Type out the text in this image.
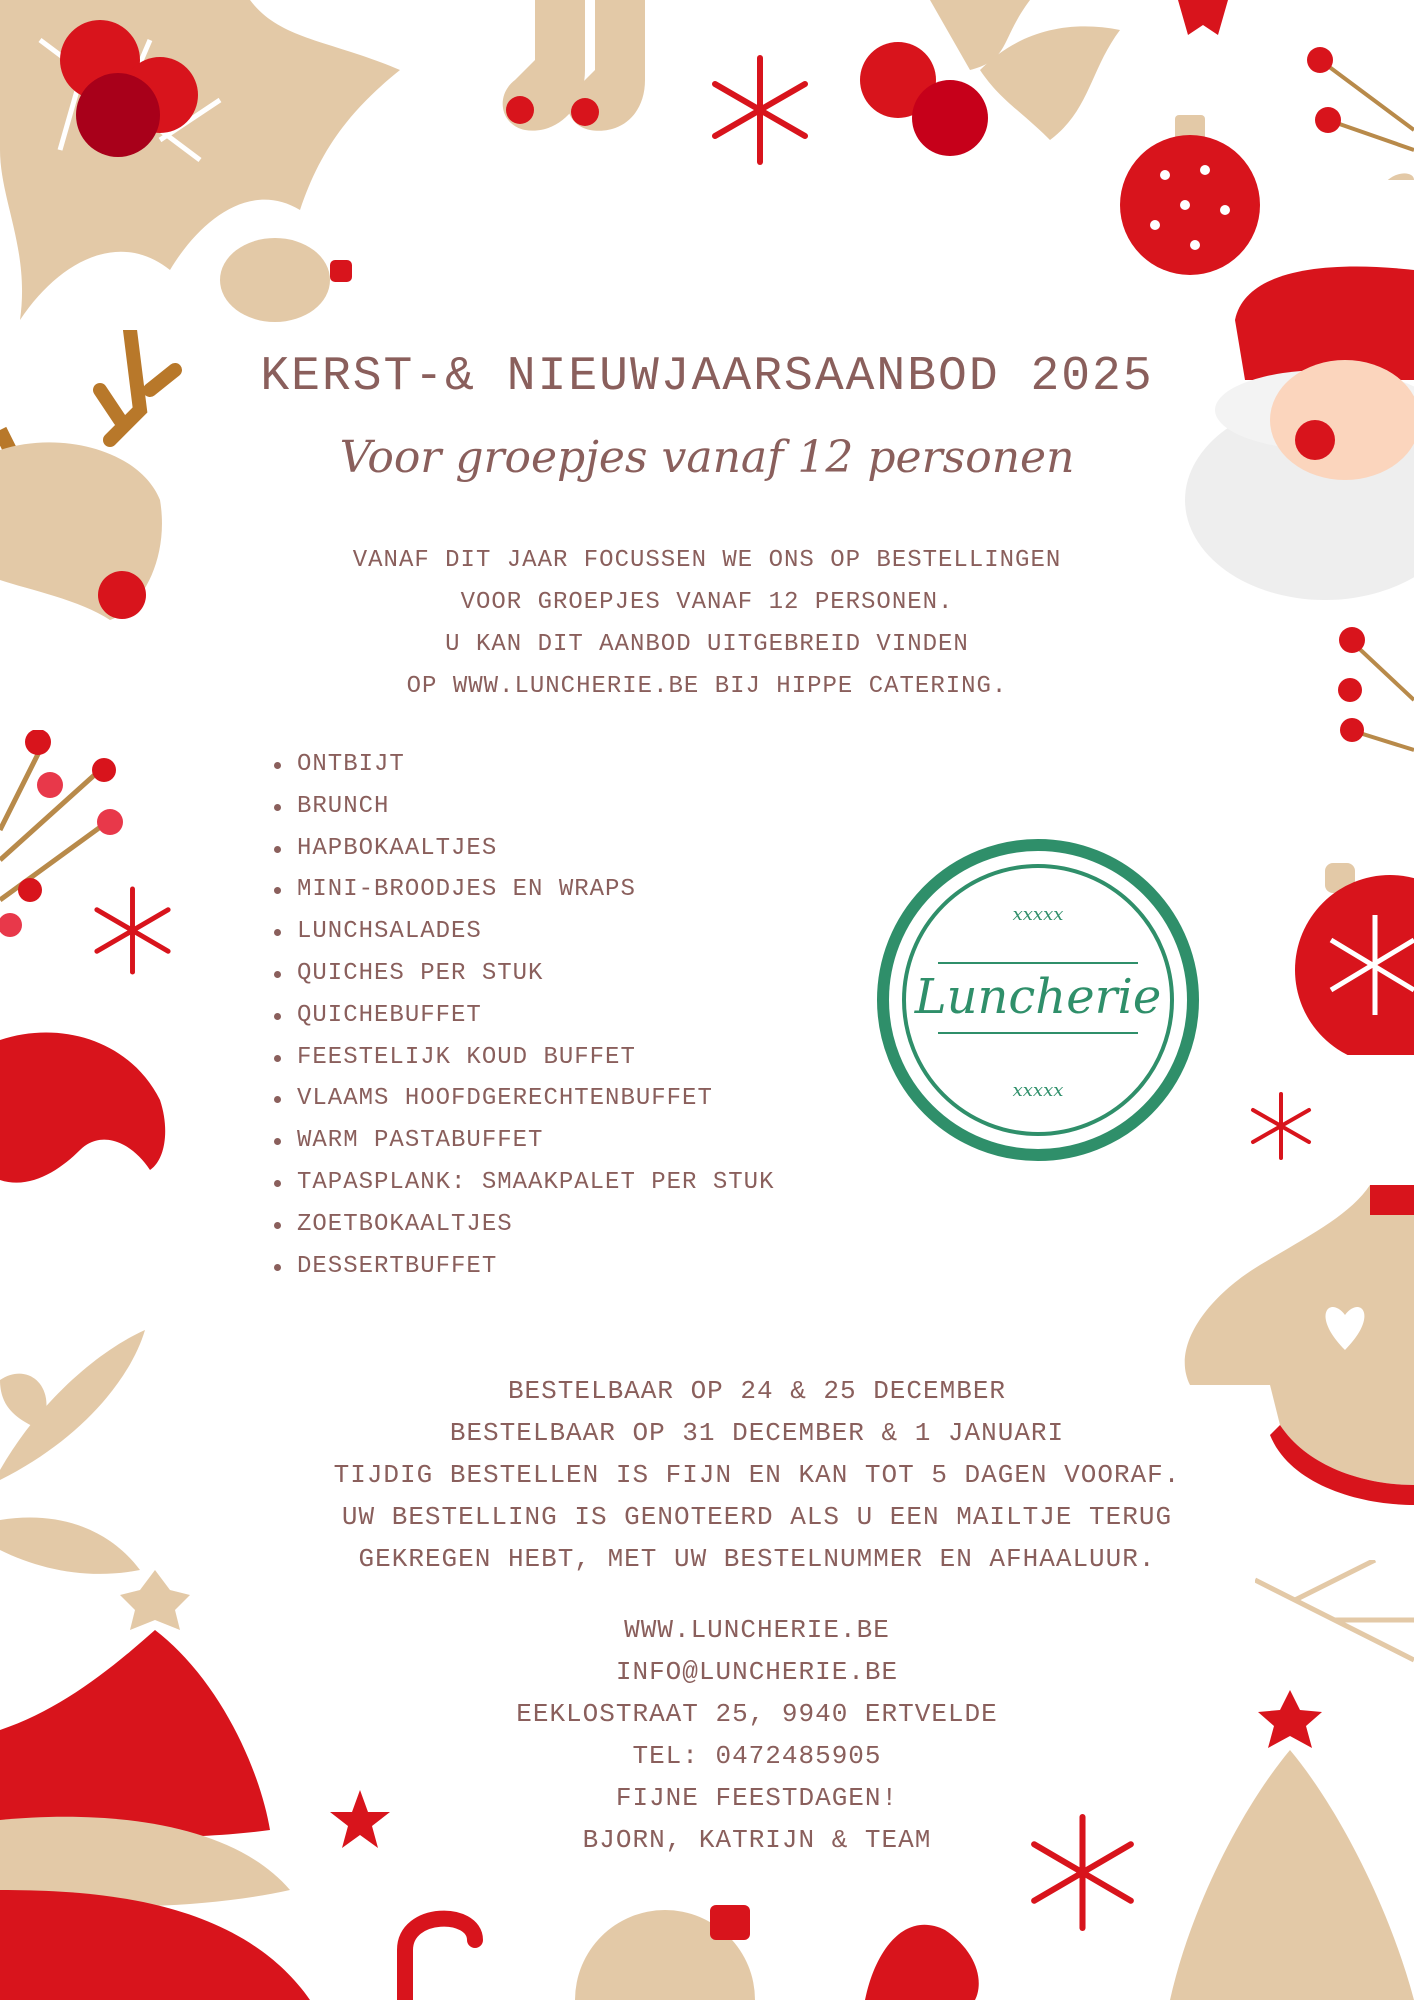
KERST-& NIEUWJAARSAANBOD 2025
Voor groepjes vanaf 12 personen
VANAF DIT JAAR FOCUSSEN WE ONS OP BESTELLINGEN
VOOR GROEPJES VANAF 12 PERSONEN.
U KAN DIT AANBOD UITGEBREID VINDEN
OP WWW.LUNCHERIE.BE BIJ HIPPE CATERING.
ONTBIJT
BRUNCH
HAPBOKAALTJES
MINI-BROODJES EN WRAPS
LUNCHSALADES
QUICHES PER STUK
QUICHEBUFFET
FEESTELIJK KOUD BUFFET
VLAAMS HOOFDGERECHTENBUFFET
WARM PASTABUFFET
TAPASPLANK: SMAAKPALET PER STUK
ZOETBOKAALTJES
DESSERTBUFFET
xxxxx
Luncherie
xxxxx
BESTELBAAR OP 24 & 25 DECEMBER
BESTELBAAR OP 31 DECEMBER & 1 JANUARI
TIJDIG BESTELLEN IS FIJN EN KAN TOT 5 DAGEN VOORAF.
UW BESTELLING IS GENOTEERD ALS U EEN MAILTJE TERUG
GEKREGEN HEBT, MET UW BESTELNUMMER EN AFHAALUUR.
WWW.LUNCHERIE.BE
INFO@LUNCHERIE.BE
EEKLOSTRAAT 25, 9940 ERTVELDE
TEL: 0472485905
FIJNE FEESTDAGEN!
BJORN, KATRIJN & TEAM
